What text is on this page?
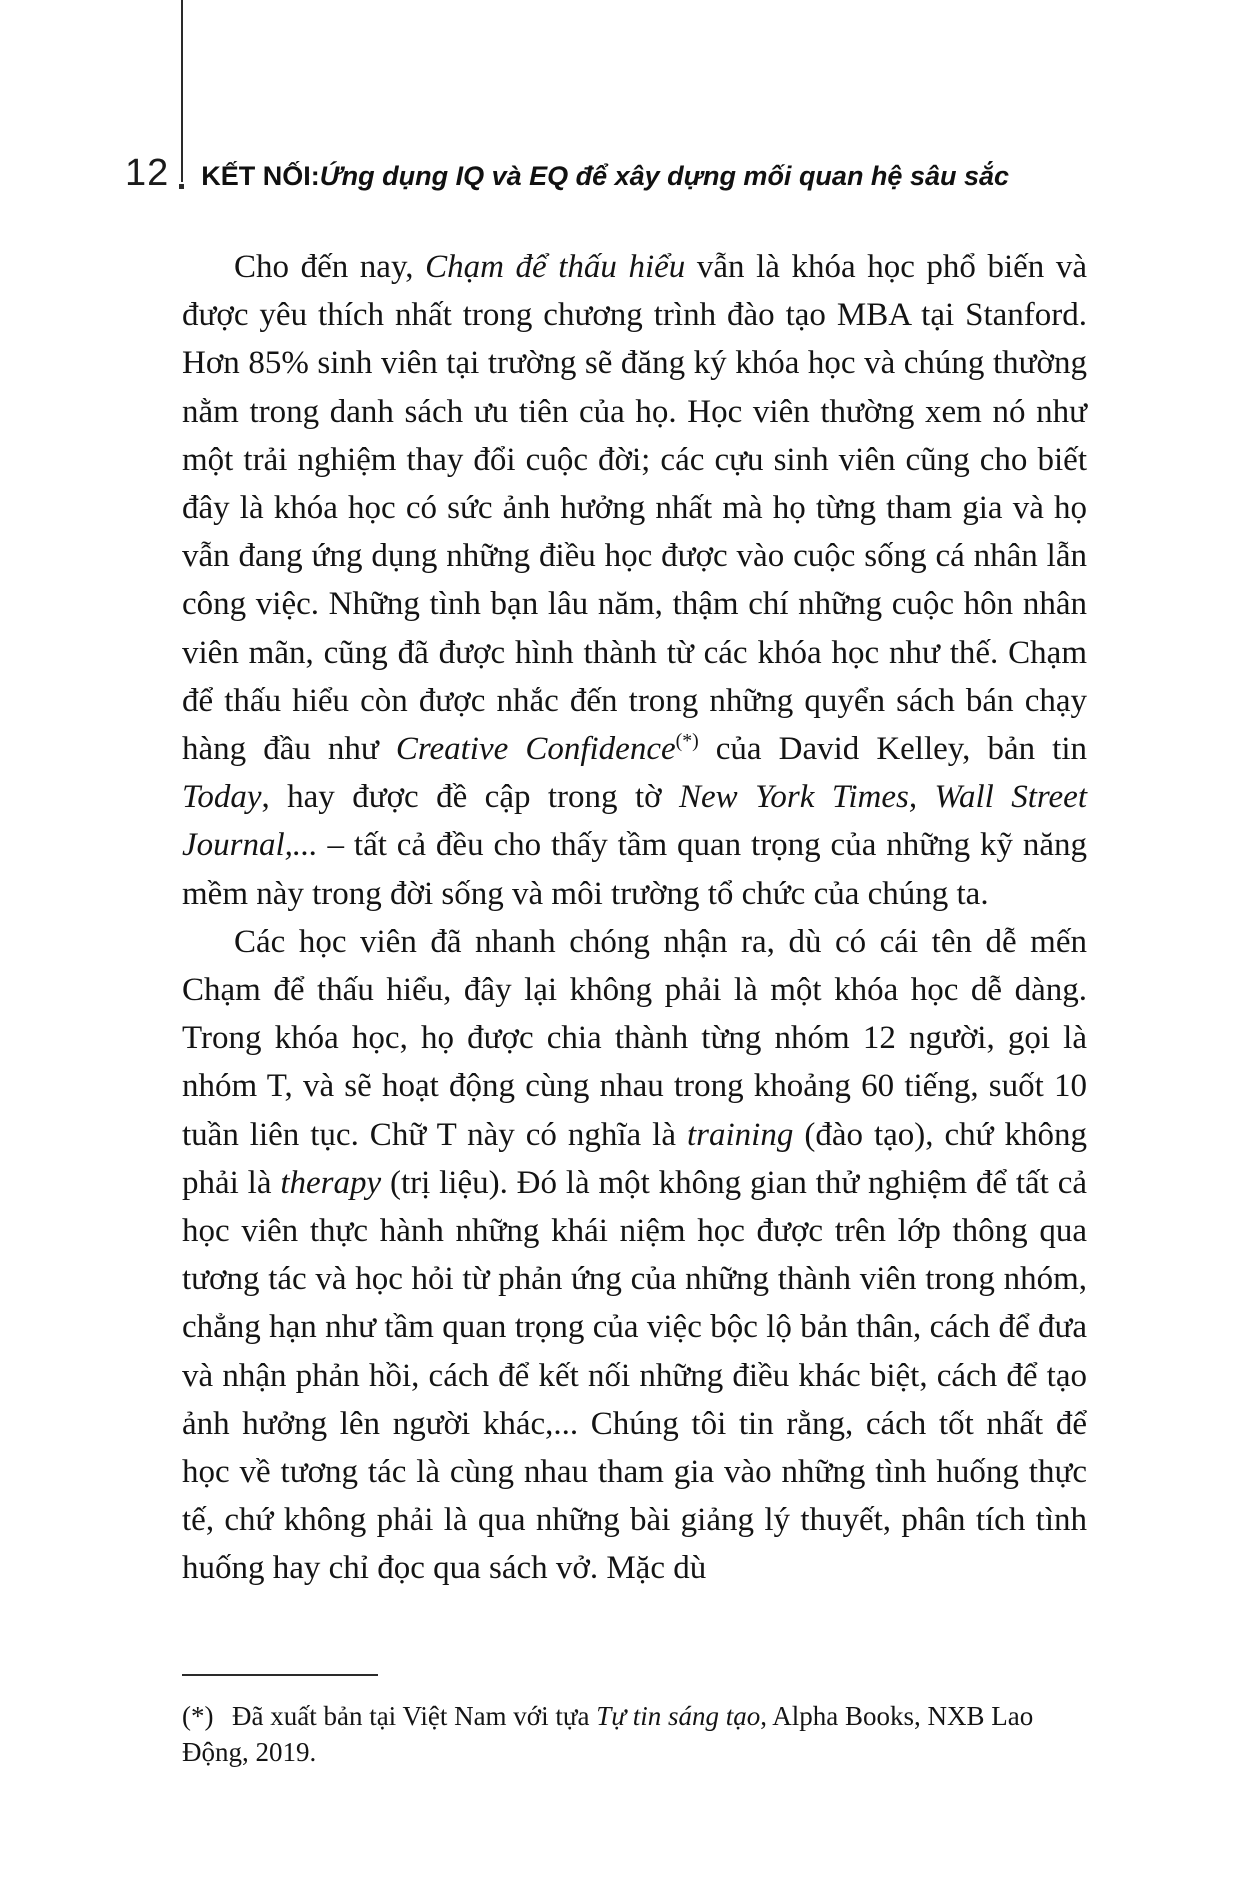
12 KẾT NỐI:Ứng dụng IQ và EQ để xây dựng mối quan hệ sâu sắc

Cho đến nay, Chạm để thấu hiểu vẫn là khóa học phổ biến và được yêu thích nhất trong chương trình đào tạo MBA tại Stanford. Hơn 85% sinh viên tại trường sẽ đăng ký khóa học và chúng thường nằm trong danh sách ưu tiên của họ. Học viên thường xem nó như một trải nghiệm thay đổi cuộc đời; các cựu sinh viên cũng cho biết đây là khóa học có sức ảnh hưởng nhất mà họ từng tham gia và họ vẫn đang ứng dụng những điều học được vào cuộc sống cá nhân lẫn công việc. Những tình bạn lâu năm, thậm chí những cuộc hôn nhân viên mãn, cũng đã được hình thành từ các khóa học như thế. Chạm để thấu hiểu còn được nhắc đến trong những quyển sách bán chạy hàng đầu như Creative Confidence(*) của David Kelley, bản tin Today, hay được đề cập trong tờ New York Times, Wall Street Journal,... – tất cả đều cho thấy tầm quan trọng của những kỹ năng mềm này trong đời sống và môi trường tổ chức của chúng ta.

Các học viên đã nhanh chóng nhận ra, dù có cái tên dễ mến Chạm để thấu hiểu, đây lại không phải là một khóa học dễ dàng. Trong khóa học, họ được chia thành từng nhóm 12 người, gọi là nhóm T, và sẽ hoạt động cùng nhau trong khoảng 60 tiếng, suốt 10 tuần liên tục. Chữ T này có nghĩa là training (đào tạo), chứ không phải là therapy (trị liệu). Đó là một không gian thử nghiệm để tất cả học viên thực hành những khái niệm học được trên lớp thông qua tương tác và học hỏi từ phản ứng của những thành viên trong nhóm, chẳng hạn như tầm quan trọng của việc bộc lộ bản thân, cách để đưa và nhận phản hồi, cách để kết nối những điều khác biệt, cách để tạo ảnh hưởng lên người khác,... Chúng tôi tin rằng, cách tốt nhất để học về tương tác là cùng nhau tham gia vào những tình huống thực tế, chứ không phải là qua những bài giảng lý thuyết, phân tích tình huống hay chỉ đọc qua sách vở. Mặc dù

(*) Đã xuất bản tại Việt Nam với tựa Tự tin sáng tạo, Alpha Books, NXB Lao Động, 2019.
